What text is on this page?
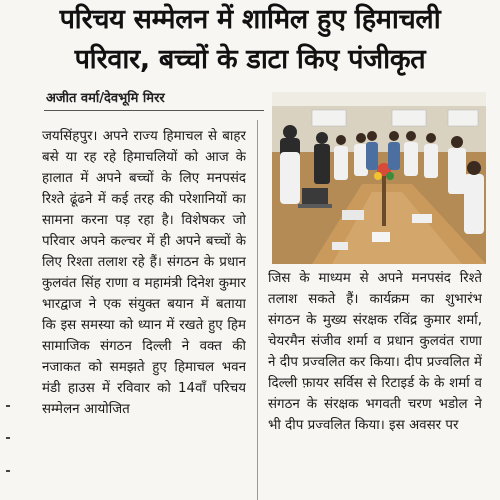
परिचय सम्मेलन में शामिल हुए हिमाचली
परिवार, बच्चों के डाटा किए पंजीकृत
अजीत वर्मा/देवभूमि मिरर

जयसिंहपुर। अपने राज्य हिमाचल से बाहर बसे या रह रहे हिमाचलियों को आज के हालात में अपने बच्चों के लिए मनपसंद रिश्ते ढूंढने में कई तरह की परेशानियों का सामना करना पड़ रहा है। विशेषकर जो परिवार अपने कल्चर में ही अपने बच्चों के लिए रिश्ता तलाश रहे हैं। संगठन के प्रधान कुलवंत सिंह राणा व महामंत्री दिनेश कुमार भारद्वाज ने एक संयुक्त बयान में बताया कि इस समस्या को ध्यान में रखते हुए हिम सामाजिक संगठन दिल्ली ने वक्त की नजाकत को समझते हुए हिमाचल भवन मंडी हाउस में रविवार को 14वाँ परिचय सम्मेलन आयोजित

जिस के माध्यम से अपने मनपसंद रिश्ते तलाश सकते हैं। कार्यक्रम का शुभारंभ संगठन के मुख्य संरक्षक रविंद्र कुमार शर्मा, चेयरमैन संजीव शर्मा व प्रधान कुलवंत राणा ने दीप प्रज्वलित कर किया। दीप प्रज्वलित में दिल्ली फ़ायर सर्विस से रिटाइर्ड के के शर्मा व संगठन के संरक्षक भगवती चरण भडोल ने भी दीप प्रज्वलित किया। इस अवसर पर
